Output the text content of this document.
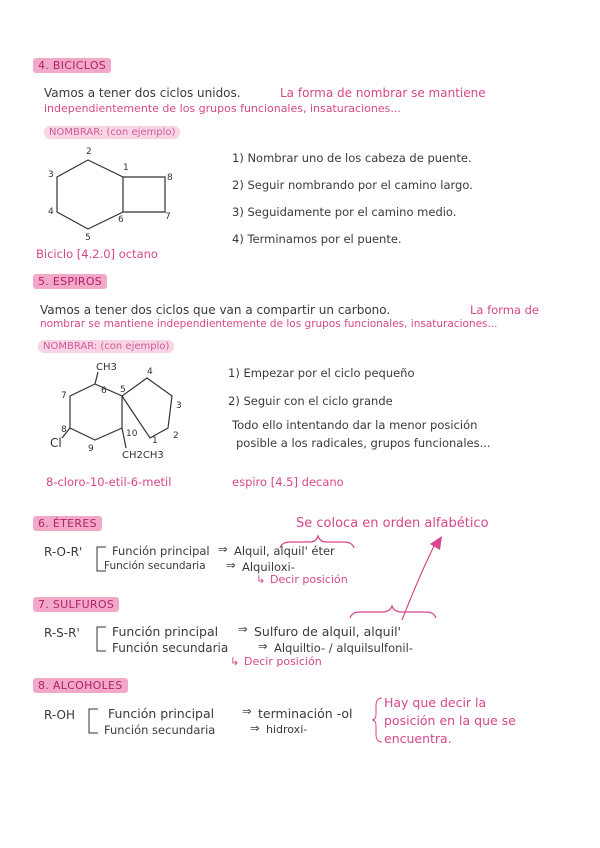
4. BICICLOS
Vamos a tener dos ciclos unidos.	La forma de nombrar se mantiene
independientemente de los grupos funcionales, insaturaciones...
NOMBRAR: (con ejemplo)
1
2
3
4
5
6	7
8
Biciclo [4.2.0] octano
1) Nombrar uno de los cabeza de puente.
2) Seguir nombrando por el camino largo.
3) Seguidamente por el camino medio.
4) Terminamos por el puente.
5. ESPIROS
Vamos a tener dos ciclos que van a compartir un carbono.	La forma de
nombrar se mantiene independientemente de los grupos funcionales, insaturaciones...
NOMBRAR: (con ejemplo)
CH3
Cl
CH2CH3
1 2
3
4
5
6
7
8
9
10
8-cloro-10-etil-6-metil	espiro [4.5] decano
1) Empezar por el ciclo pequeño
2) Seguir con el ciclo grande
Todo ello intentando dar la menor posición
posible a los radicales, grupos funcionales...
6. ÉTERES	Se coloca en orden alfabético
R-O-R'	Función principal ⇒ Alquil, alquil' éter
Función secundaria ⇒ Alquiloxi-
↳ Decir posición
7. SULFUROS
R-S-R'	Función principal ⇒ Sulfuro de alquil, alquil'
Función secundaria	⇒ Alquiltio- / alquilsulfonil-
↳ Decir posición
8. ALCOHOLES
R-OH	Función principal ⇒ terminación -ol
Función secundaria	⇒ hidroxi-
Hay que decir la
posición en la que se
encuentra.
